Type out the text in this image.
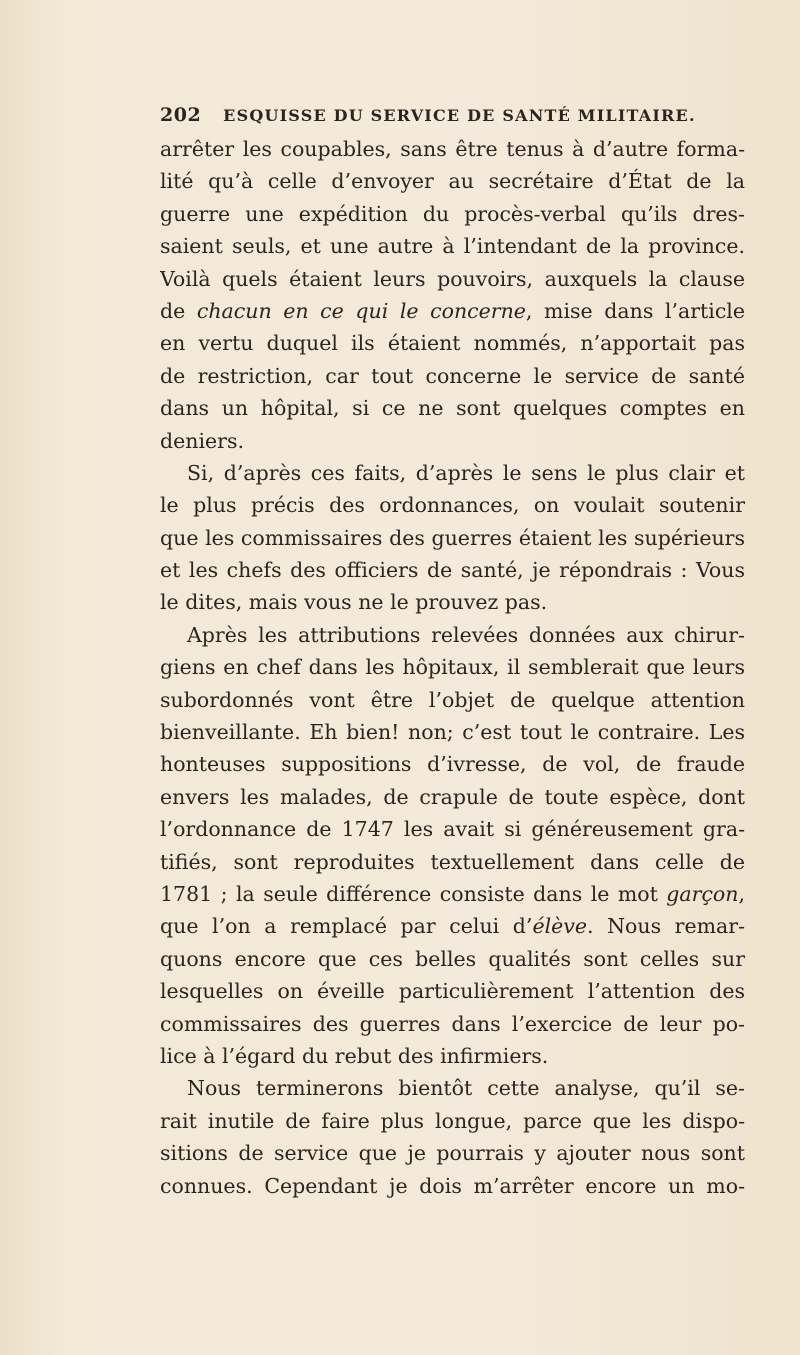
202 ESQUISSE DU SERVICE DE SANTÉ MILITAIRE.
arrêter les coupables, sans être tenus à d’autre forma-
lité qu’à celle d’envoyer au secrétaire d’État de la
guerre une expédition du procès-verbal qu’ils dres-
saient seuls, et une autre à l’intendant de la province.
Voilà quels étaient leurs pouvoirs, auxquels la clause
de chacun en ce qui le concerne, mise dans l’article
en vertu duquel ils étaient nommés, n’apportait pas
de restriction, car tout concerne le service de santé
dans un hôpital, si ce ne sont quelques comptes en
deniers.
Si, d’après ces faits, d’après le sens le plus clair et
le plus précis des ordonnances, on voulait soutenir
que les commissaires des guerres étaient les supérieurs
et les chefs des officiers de santé, je répondrais : Vous
le dites, mais vous ne le prouvez pas.
Après les attributions relevées données aux chirur-
giens en chef dans les hôpitaux, il semblerait que leurs
subordonnés vont être l’objet de quelque attention
bienveillante. Eh bien! non; c’est tout le contraire. Les
honteuses suppositions d’ivresse, de vol, de fraude
envers les malades, de crapule de toute espèce, dont
l’ordonnance de 1747 les avait si généreusement gra-
tifiés, sont reproduites textuellement dans celle de
1781 ; la seule différence consiste dans le mot garçon,
que l’on a remplacé par celui d’élève. Nous remar-
quons encore que ces belles qualités sont celles sur
lesquelles on éveille particulièrement l’attention des
commissaires des guerres dans l’exercice de leur po-
lice à l’égard du rebut des infirmiers.
Nous terminerons bientôt cette analyse, qu’il se-
rait inutile de faire plus longue, parce que les dispo-
sitions de service que je pourrais y ajouter nous sont
connues. Cependant je dois m’arrêter encore un mo-
